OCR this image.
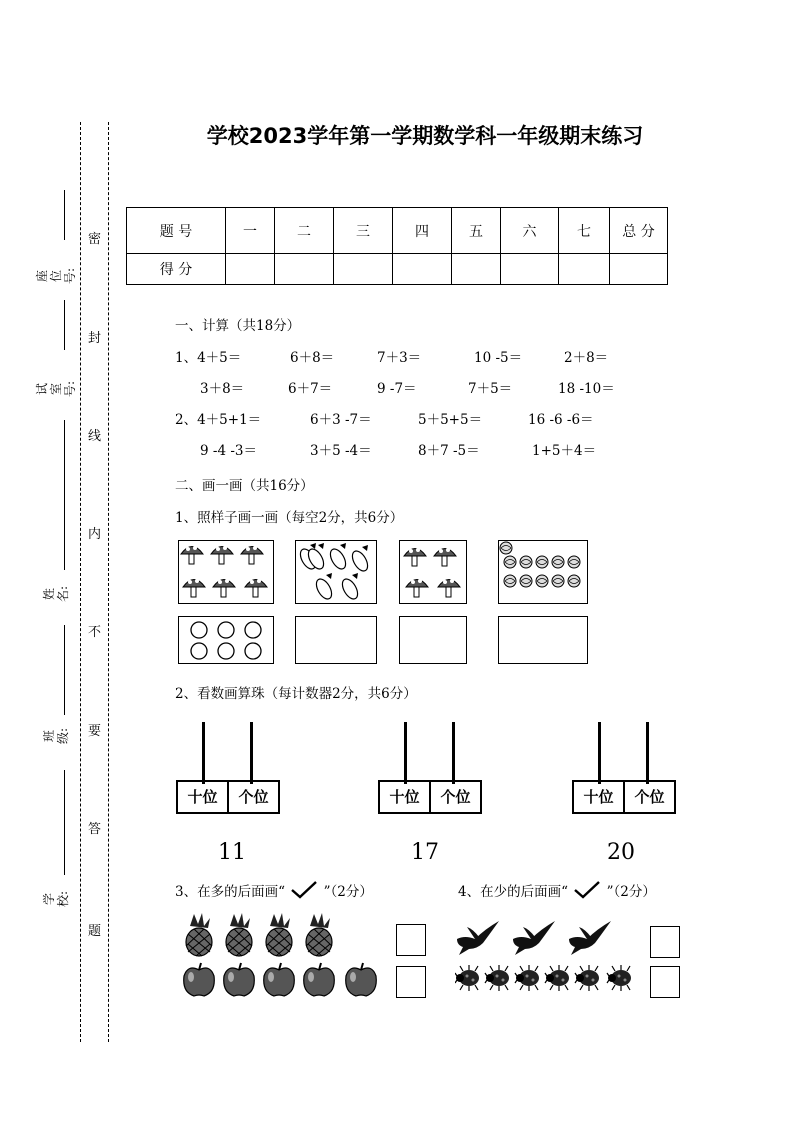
座位号:
试室号:
姓名:
班级:
学校:
密
封
线
内
不
要
答
题
学校2023学年第一学期数学科一年级期末练习
题 号	一	二	三	四	五	六	七	总 分
得 分								
一、计算（共18分）
1、4＋5＝	6＋8＝	7＋3＝	10 -5＝	2＋8＝
3＋8＝	6＋7＝	9 -7＝	7＋5＝	18 -10＝
2、4＋5+1＝	6＋3 -7＝	5＋5+5＝	16 -6 -6＝
9 -4 -3＝	3＋5 -4＝	8＋7 -5＝	1+5＋4＝
二、画一画（共16分）
1、照样子画一画（每空2分，共6分）
2、看数画算珠（每计数器2分，共6分）
十位	个位
11
十位	个位
17
十位	个位
20
3、在多的后面画“	”（2分）	4、在少的后面画“	”（2分）
